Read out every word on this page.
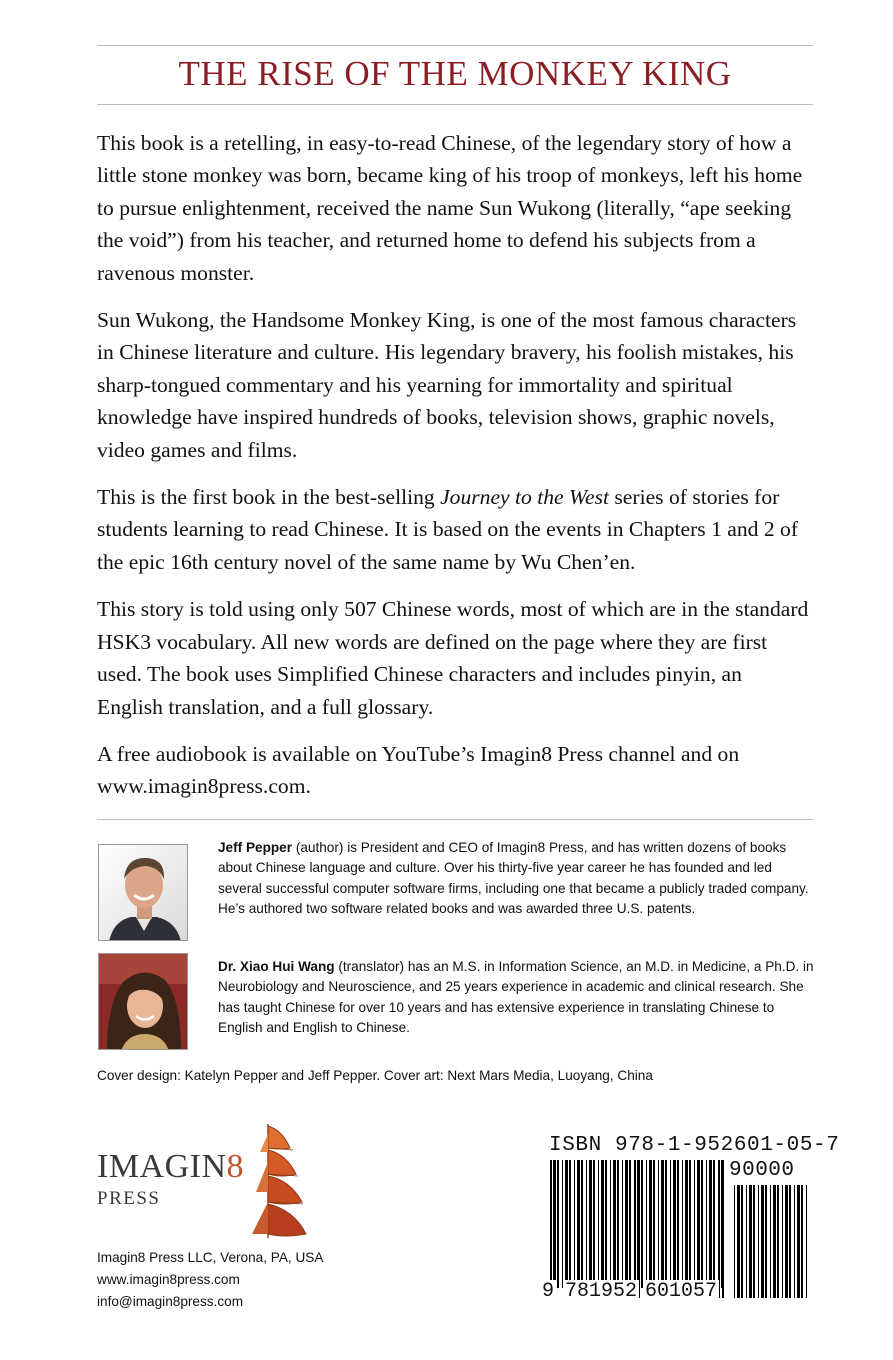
THE RISE OF THE MONKEY KING

This book is a retelling, in easy-to-read Chinese, of the legendary story of how a little stone monkey was born, became king of his troop of monkeys, left his home to pursue enlightenment, received the name Sun Wukong (literally, “ape seeking the void”) from his teacher, and returned home to defend his subjects from a ravenous monster.

Sun Wukong, the Handsome Monkey King, is one of the most famous characters in Chinese literature and culture. His legendary bravery, his foolish mistakes, his sharp-tongued commentary and his yearning for immortality and spiritual knowledge have inspired hundreds of books, television shows, graphic novels, video games and films.

This is the first book in the best-selling Journey to the West series of stories for students learning to read Chinese. It is based on the events in Chapters 1 and 2 of the epic 16th century novel of the same name by Wu Chen’en.

This story is told using only 507 Chinese words, most of which are in the standard HSK3 vocabulary. All new words are defined on the page where they are first used. The book uses Simplified Chinese characters and includes pinyin, an English translation, and a full glossary.

A free audiobook is available on YouTube’s Imagin8 Press channel and on www.imagin8press.com.

Jeff Pepper (author) is President and CEO of Imagin8 Press, and has written dozens of books about Chinese language and culture. Over his thirty-five year career he has founded and led several successful computer software firms, including one that became a publicly traded company. He’s authored two software related books and was awarded three U.S. patents.

Dr. Xiao Hui Wang (translator) has an M.S. in Information Science, an M.D. in Medicine, a Ph.D. in Neurobiology and Neuroscience, and 25 years experience in academic and clinical research. She has taught Chinese for over 10 years and has extensive experience in translating Chinese to English and English to Chinese.

Cover design: Katelyn Pepper and Jeff Pepper. Cover art: Next Mars Media, Luoyang, China
IMAGIN8
PRESS
Imagin8 Press LLC, Verona, PA, USA
www.imagin8press.com
info@imagin8press.com
ISBN 978-1-952601-05-7
90000
9 781952 601057
